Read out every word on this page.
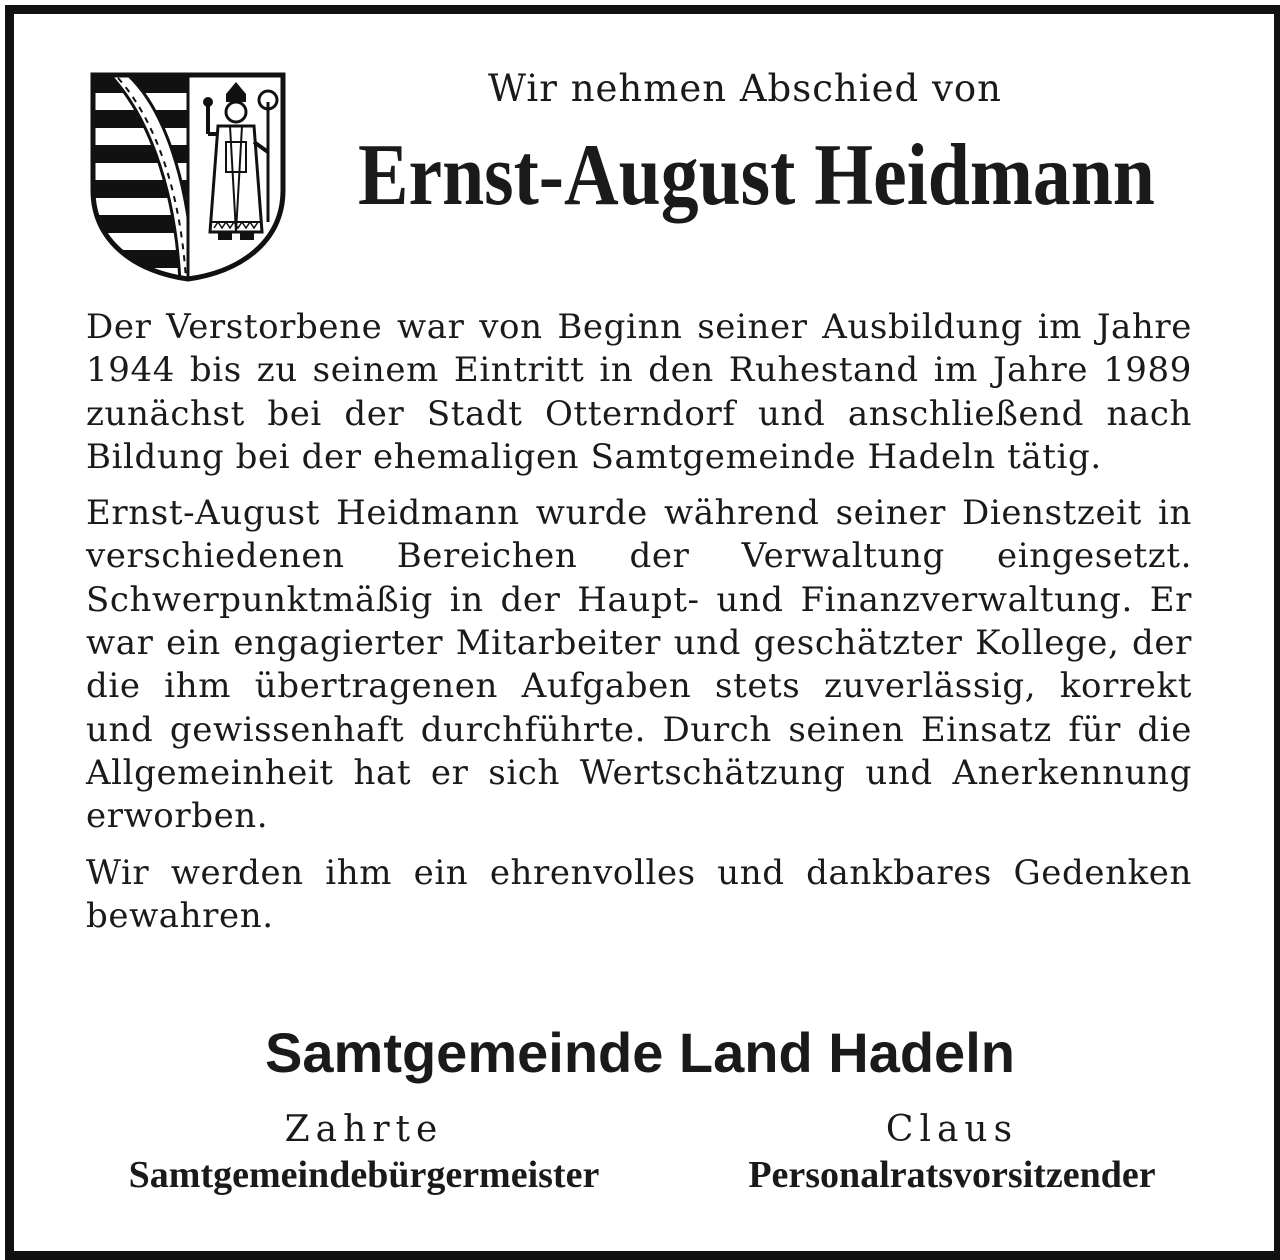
Wir nehmen Abschied von
Ernst-August Heidmann

Der Verstorbene war von Beginn seiner Ausbildung im Jahre 1944 bis zu seinem Eintritt in den Ruhestand im Jahre 1989 zunächst bei der Stadt Otterndorf und anschließend nach Bildung bei der ehemaligen Samtgemeinde Hadeln tätig.

Ernst-August Heidmann wurde während seiner Dienstzeit in verschiedenen Bereichen der Verwaltung eingesetzt. Schwerpunktmäßig in der Haupt- und Finanzverwaltung. Er war ein engagierter Mitarbeiter und geschätzter Kollege, der die ihm übertragenen Aufgaben stets zuverlässig, korrekt und gewissenhaft durchführte. Durch seinen Einsatz für die Allgemeinheit hat er sich Wertschätzung und Anerkennung erworben.

Wir werden ihm ein ehrenvolles und dankbares Gedenken bewahren.

Samtgemeinde Land Hadeln
Zahrte
Samtgemeindebürgermeister
Claus
Personalratsvorsitzender
